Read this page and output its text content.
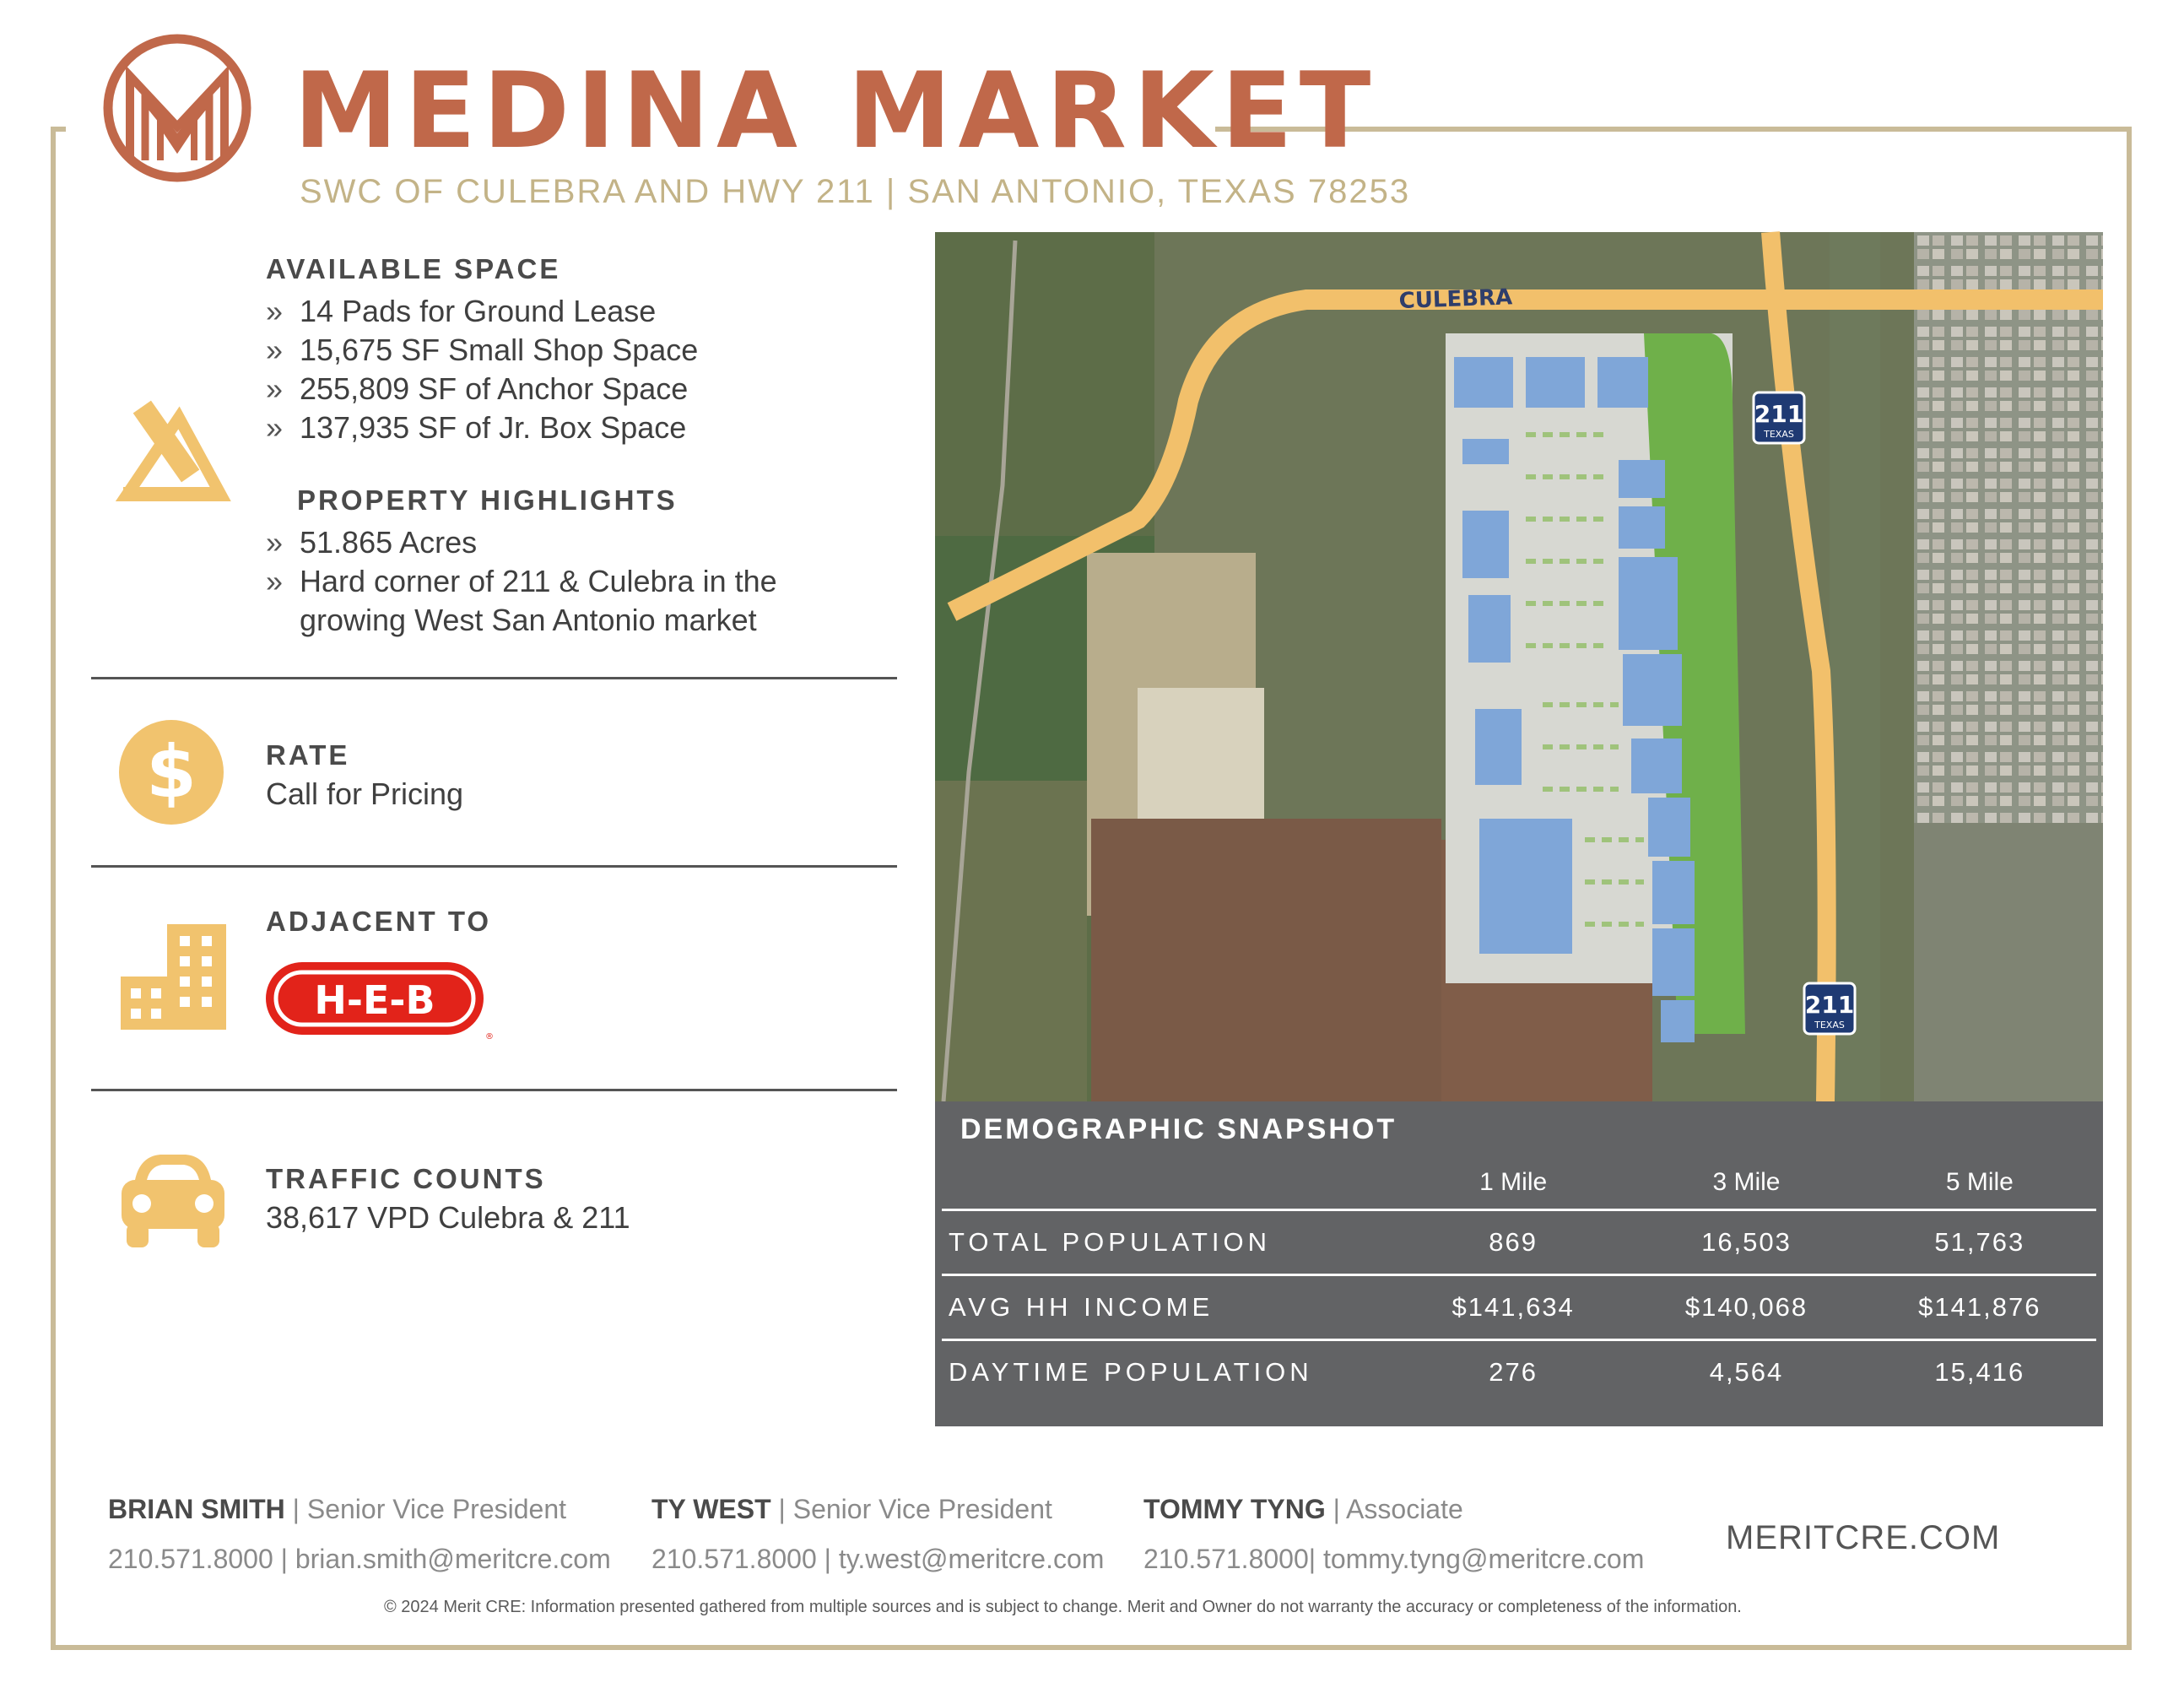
MEDINA MARKET
SWC OF CULEBRA AND HWY 211 | SAN ANTONIO, TEXAS 78253
AVAILABLE SPACE
» 14 Pads for Ground Lease
» 15,675 SF Small Shop Space
» 255,809 SF of Anchor Space
» 137,935 SF of Jr. Box Space
PROPERTY HIGHLIGHTS
» 51.865 Acres
» Hard corner of 211 & Culebra in the
growing West San Antonio market
$ RATE
Call for Pricing
ADJACENT TO
H-E-B
®
TRAFFIC COUNTS
38,617 VPD Culebra & 211
CULEBRA
211
TEXAS
211
TEXAS
DEMOGRAPHIC SNAPSHOT
	1 Mile	3 Mile	5 Mile
TOTAL POPULATION	869	16,503	51,763
AVG HH INCOME	$141,634	$140,068	$141,876
DAYTIME POPULATION	276	4,564	15,416
BRIAN SMITH | Senior Vice President
210.571.8000 | brian.smith@meritcre.com
TY WEST | Senior Vice President
210.571.8000 | ty.west@meritcre.com
TOMMY TYNG | Associate
210.571.8000| tommy.tyng@meritcre.com
MERITCRE.COM
© 2024 Merit CRE: Information presented gathered from multiple sources and is subject to change. Merit and Owner do not warranty the accuracy or completeness of the information.
